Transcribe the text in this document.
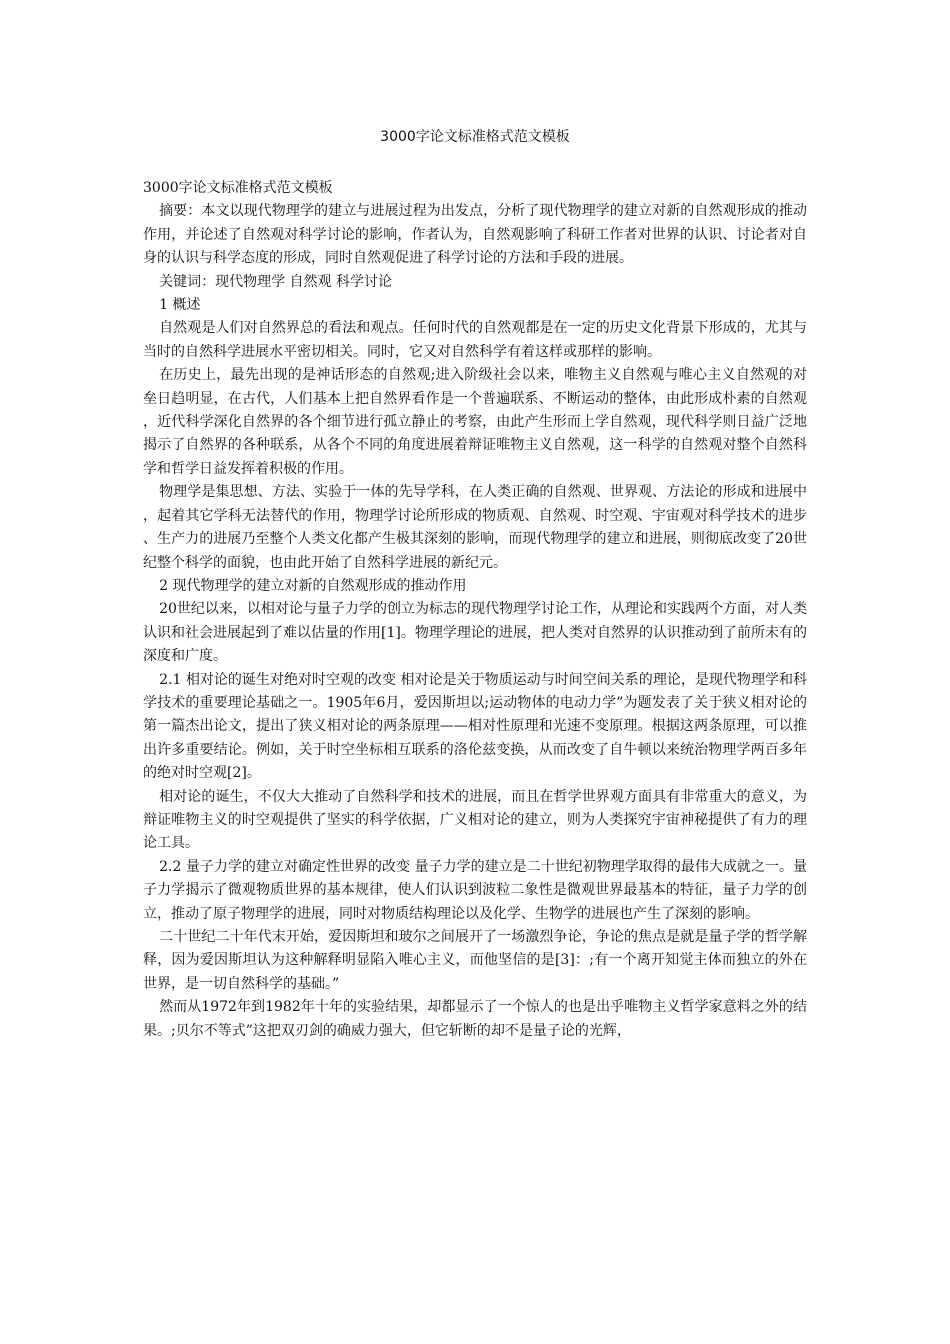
3000字论文标准格式范文模板

3000字论文标准格式范文模板

摘要：本文以现代物理学的建立与进展过程为出发点，分析了现代物理学的建立对新的自然观形成的推动作用，并论述了自然观对科学讨论的影响，作者认为，自然观影响了科研工作者对世界的认识、讨论者对自身的认识与科学态度的形成，同时自然观促进了科学讨论的方法和手段的进展。

关键词：现代物理学 自然观 科学讨论

1 概述

自然观是人们对自然界总的看法和观点。任何时代的自然观都是在一定的历史文化背景下形成的，尤其与当时的自然科学进展水平密切相关。同时，它又对自然科学有着这样或那样的影响。

在历史上，最先出现的是神话形态的自然观;进入阶级社会以来，唯物主义自然观与唯心主义自然观的对垒日趋明显，在古代，人们基本上把自然界看作是一个普遍联系、不断运动的整体，由此形成朴素的自然观，近代科学深化自然界的各个细节进行孤立静止的考察，由此产生形而上学自然观，现代科学则日益广泛地揭示了自然界的各种联系，从各个不同的角度进展着辩证唯物主义自然观，这一科学的自然观对整个自然科学和哲学日益发挥着积极的作用。

物理学是集思想、方法、实验于一体的先导学科，在人类正确的自然观、世界观、方法论的形成和进展中，起着其它学科无法替代的作用，物理学讨论所形成的物质观、自然观、时空观、宇宙观对科学技术的进步、生产力的进展乃至整个人类文化都产生极其深刻的影响，而现代物理学的建立和进展，则彻底改变了20世纪整个科学的面貌，也由此开始了自然科学进展的新纪元。

2 现代物理学的建立对新的自然观形成的推动作用

20世纪以来，以相对论与量子力学的创立为标志的现代物理学讨论工作，从理论和实践两个方面，对人类认识和社会进展起到了难以估量的作用[1]。物理学理论的进展，把人类对自然界的认识推动到了前所未有的深度和广度。

2.1 相对论的诞生对绝对时空观的改变 相对论是关于物质运动与时间空间关系的理论，是现代物理学和科学技术的重要理论基础之一。1905年6月，爱因斯坦以;运动物体的电动力学”为题发表了关于狭义相对论的第一篇杰出论文，提出了狭义相对论的两条原理——相对性原理和光速不变原理。根据这两条原理，可以推出许多重要结论。例如，关于时空坐标相互联系的洛伦兹变换，从而改变了自牛顿以来统治物理学两百多年的绝对时空观[2]。

相对论的诞生，不仅大大推动了自然科学和技术的进展，而且在哲学世界观方面具有非常重大的意义，为辩证唯物主义的时空观提供了坚实的科学依据，广义相对论的建立，则为人类探究宇宙神秘提供了有力的理论工具。

2.2 量子力学的建立对确定性世界的改变 量子力学的建立是二十世纪初物理学取得的最伟大成就之一。量子力学揭示了微观物质世界的基本规律，使人们认识到波粒二象性是微观世界最基本的特征，量子力学的创立，推动了原子物理学的进展，同时对物质结构理论以及化学、生物学的进展也产生了深刻的影响。

二十世纪二十年代末开始，爱因斯坦和玻尔之间展开了一场激烈争论，争论的焦点是就是量子学的哲学解释，因为爱因斯坦认为这种解释明显陷入唯心主义，而他坚信的是[3]：;有一个离开知觉主体而独立的外在世界，是一切自然科学的基础。”

然而从1972年到1982年十年的实验结果，却都显示了一个惊人的也是出乎唯物主义哲学家意料之外的结果。;贝尔不等式”这把双刃剑的确威力强大，但它斩断的却不是量子论的光辉，
